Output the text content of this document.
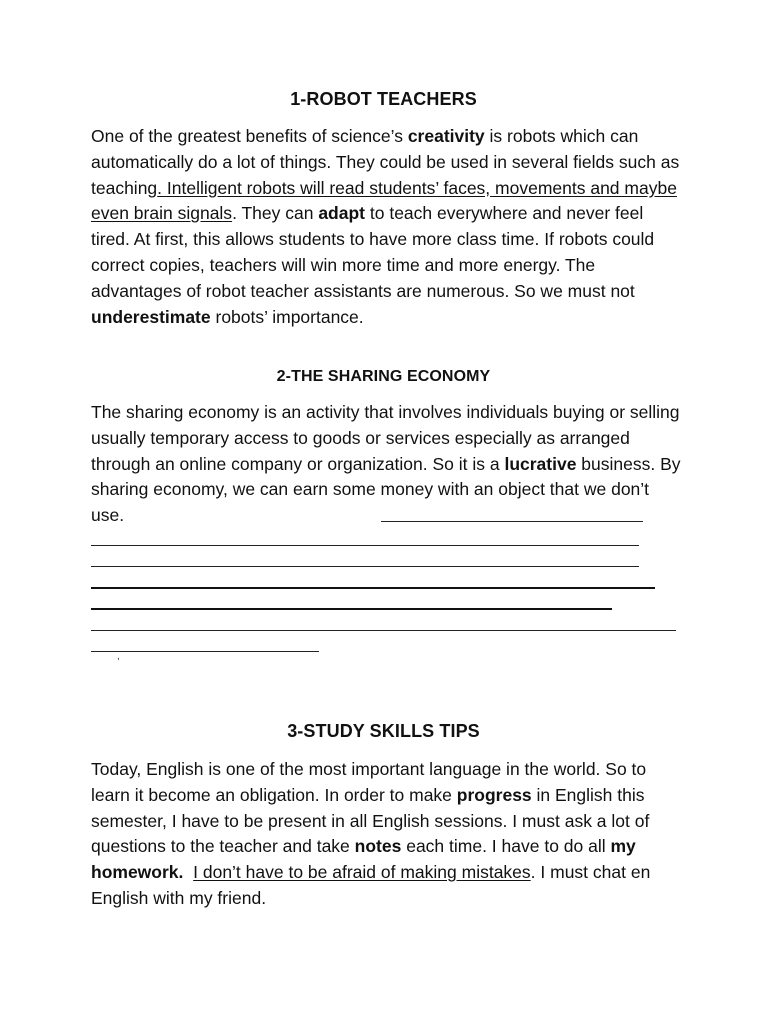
1-ROBOT TEACHERS
One of the greatest benefits of science’s creativity is robots which can automatically do a lot of things. They could be used in several fields such as teaching. Intelligent robots will read students’ faces, movements and maybe even brain signals. They can adapt to teach everywhere and never feel tired. At first, this allows students to have more class time. If robots could correct copies, teachers will win more time and more energy. The advantages of robot teacher assistants are numerous. So we must not underestimate robots’ importance.
2-THE SHARING ECONOMY
The sharing economy is an activity that involves individuals buying or selling usually temporary access to goods or services especially as arranged through an online company or organization. So it is a lucrative business. By sharing economy, we can earn some money with an object that we don’t use.
,
3-STUDY SKILLS TIPS
Today, English is one of the most important language in the world. So to learn it become an obligation. In order to make progress in English this semester, I have to be present in all English sessions. I must ask a lot of questions to the teacher and take notes each time. I have to do all my homework. I don’t have to be afraid of making mistakes. I must chat en English with my friend.
